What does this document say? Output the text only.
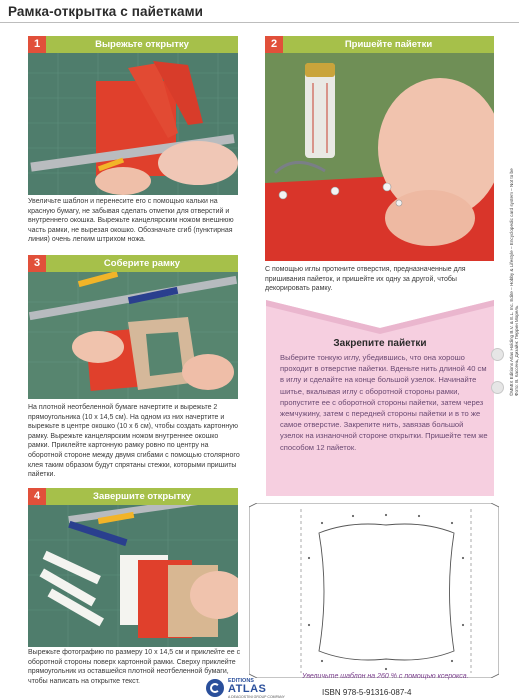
Рамка-открытка с пайетками
1	Вырежьте открытку
Увеличьте шаблон и перенесите его с помощью кальки на красную бумагу, не забывая сделать отметки для отверстий и внутреннего окошка. Вырежьте канцелярским ножом внешнюю часть рамки, не вырезая окошко. Обозначьте сгиб (пунктирная линия) очень легким штрихом ножа.
2	Пришейте пайетки
С помощью иглы проткните отверстия, предназначенные для пришивания пайеток, и пришейте их одну за другой, чтобы декорировать рамку.
3	Соберите рамку
На плотной неотбеленной бумаге начертите и вырежьте 2 прямоугольника (10 x 14,5 см). На одном из них начертите и вырежьте в центре окошко (10 x 6 см), чтобы создать картонную рамку. Вырежьте канцелярским ножом внутреннее окошко рамки. Приклейте картонную рамку ровно по центру на оборотной стороне между двумя сгибами с помощью столярного клея таким образом будут спрятаны стежки, которыми пришиты пайетки.
4	Завершите открытку
Вырежьте фотографию по размеру 10 x 14,5 см и приклейте ее с оборотной стороны поверх картонной рамки. Сверху приклейте прямоугольник из оставшейся плотной неотбеленной бумаги, чтобы написать на открытке текст.
Закрепите пайетки
Выберите тонкую иглу, убедившись, что она хорошо проходит в отверстие пайетки. Вденьте нить длиной 40 см в иглу и сделайте на конце большой узелок. Начинайте шитье, вкалывая иглу с оборотной стороны рамки, пропустите ее с оборотной стороны пайетки, затем через жемчужину, затем с передней стороны пайетки и в то же самое отверстие. Закрепите нить, завязав большой узелок на изнаночной стороне открытки. Пришейте тем же способом 12 пайеток.
Увеличьте шаблон на 260 % с помощью ксерокса.
EDITIONS
ATLAS
A DEAGOSTINI GROUP COMPANY	ISBN 978-5-91316-087-4
©MMIX Editions Atlas Holding B.V. & E.L. Inc. Edite – Hobby & Lifestyle – Encyclopedic card system – Not to be Фото: В. Кассень, Дизайн: Перрин Морель
